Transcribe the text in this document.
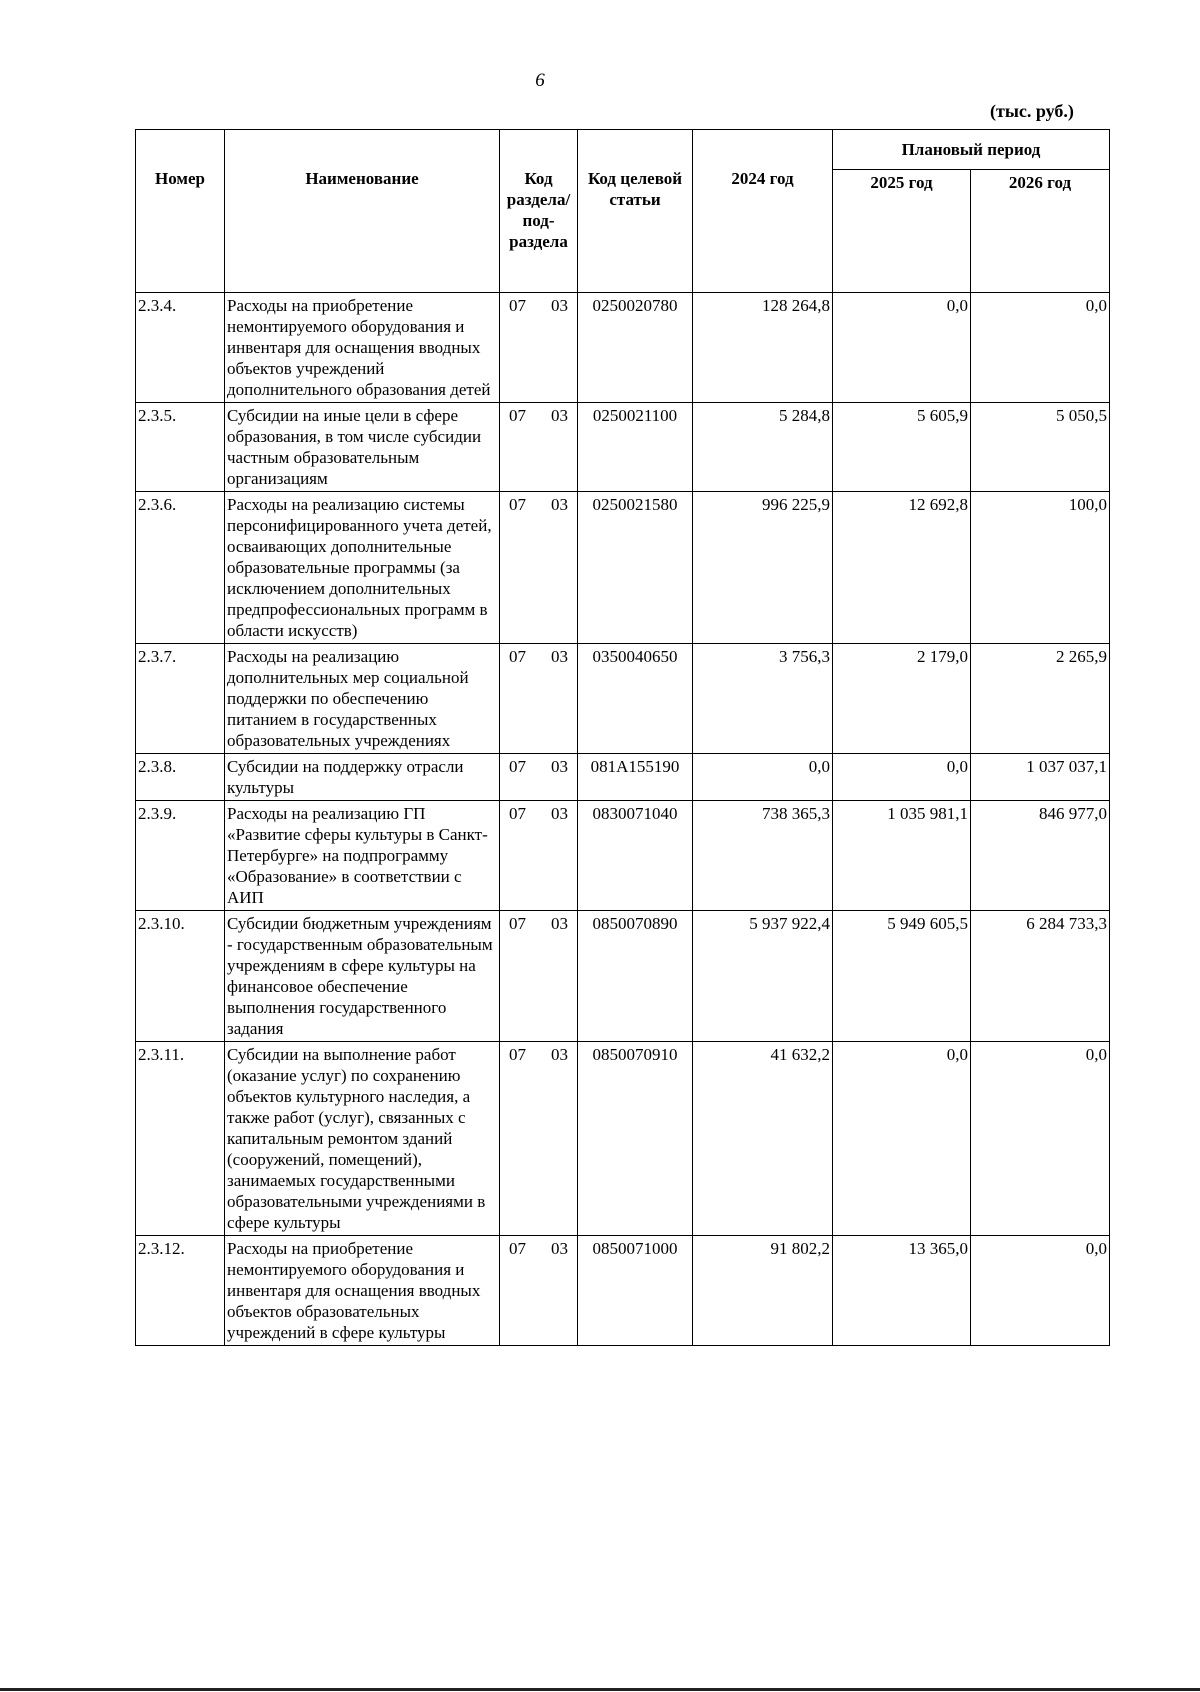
6
(тыс. руб.)
Номер	Наименование	Код раздела/ под-раздела	Код целевой статьи	2024 год	Плановый период	
					2025 год	2026 год
2.3.4.	Расходы на приобретение немонтируемого оборудования и инвентаря для оснащения вводных объектов учреждений дополнительного образования детей	07 03	0250020780	128 264,8	0,0	0,0
2.3.5.	Субсидии на иные цели в сфере образования, в том числе субсидии частным образовательным организациям	07 03	0250021100	5 284,8	5 605,9	5 050,5
2.3.6.	Расходы на реализацию системы персонифицированного учета детей, осваивающих дополнительные образовательные программы (за исключением дополнительных предпрофессиональных программ в области искусств)	07 03	0250021580	996 225,9	12 692,8	100,0
2.3.7.	Расходы на реализацию дополнительных мер социальной поддержки по обеспечению питанием в государственных образовательных учреждениях	07 03	0350040650	3 756,3	2 179,0	2 265,9
2.3.8.	Субсидии на поддержку отрасли культуры	07 03	081A155190	0,0	0,0	1 037 037,1
2.3.9.	Расходы на реализацию ГП «Развитие сферы культуры в Санкт-Петербурге» на подпрограмму «Образование» в соответствии с АИП	07 03	0830071040	738 365,3	1 035 981,1	846 977,0
2.3.10.	Субсидии бюджетным учреждениям - государственным образовательным учреждениям в сфере культуры на финансовое обеспечение выполнения государственного задания	07 03	0850070890	5 937 922,4	5 949 605,5	6 284 733,3
2.3.11.	Субсидии на выполнение работ (оказание услуг) по сохранению объектов культурного наследия, а также работ (услуг), связанных с капитальным ремонтом зданий (сооружений, помещений), занимаемых государственными образовательными учреждениями в сфере культуры	07 03	0850070910	41 632,2	0,0	0,0
2.3.12.	Расходы на приобретение немонтируемого оборудования и инвентаря для оснащения вводных объектов образовательных учреждений в сфере культуры	07 03	0850071000	91 802,2	13 365,0	0,0
